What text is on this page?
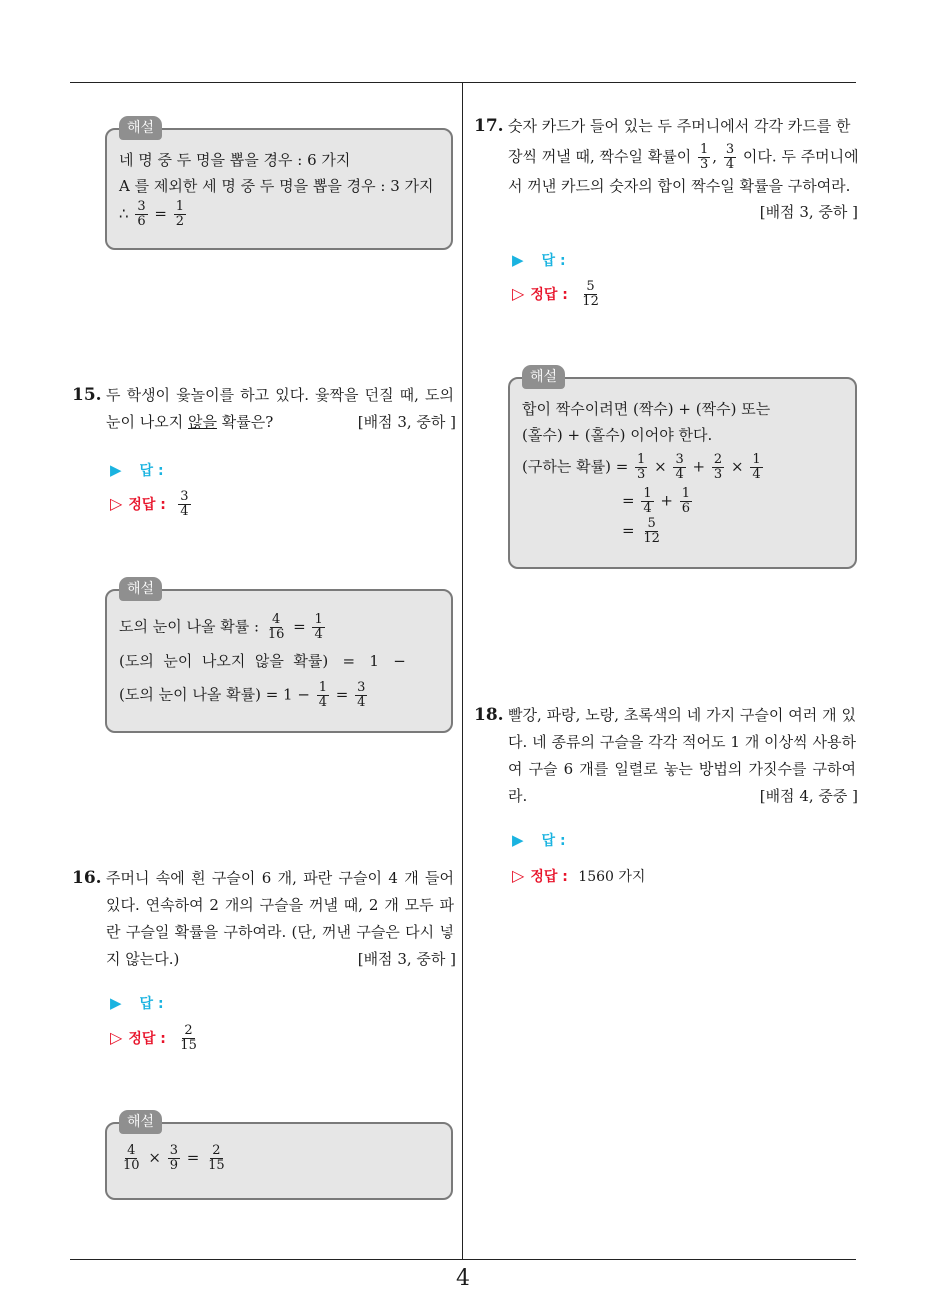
4
해설
네 명 중 두 명을 뽑을 경우 : 6 가지
A 를 제외한 세 명 중 두 명을 뽑을 경우 : 3 가지
∴ $\frac{3}{6} = \frac{1}{2}$
15. 두 학생이 윷놀이를 하고 있다. 윷짝을 던질 때, 도의 눈이 나오지 않을 확률은?	[배점 3, 중하 ]
▶ 답 :
▷ 정답 : $\frac{3}{4}$
해설
도의 눈이 나올 확률 : $\frac{4}{16} = \frac{1}{4}$
(도의  눈이  나오지  않을  확률)   =   1   −
(도의 눈이 나올 확률) = $1 - \frac{1}{4} = \frac{3}{4}$
16. 주머니 속에 흰 구슬이 6 개, 파란 구슬이 4 개 들어 있다. 연속하여 2 개의 구슬을 꺼낼 때, 2 개 모두 파란 구슬일 확률을 구하여라. (단, 꺼낸 구슬은 다시 넣지 않는다.)	[배점 3, 중하 ]
▶ 답 :
▷ 정답 : $\frac{2}{15}$
해설
$\frac{4}{10} \times \frac{3}{9} = \frac{2}{15}$
17. 숫자 카드가 들어 있는 두 주머니에서 각각 카드를 한
장씩 꺼낼 때, 짝수일 확률이 $\frac{1}{3}$ , $\frac{3}{4}$ 이다. 두 주머니에
서 꺼낸 카드의 숫자의 합이 짝수일 확률을 구하여라.
[배점 3, 중하 ]
▶ 답 :
▷ 정답 : $\frac{5}{12}$
해설
합이 짝수이려면 (짝수) + (짝수) 또는
(홀수) + (홀수) 이어야 한다.
(구하는 확률) = $\frac{1}{3} \times \frac{3}{4} + \frac{2}{3} \times \frac{1}{4}$
= $\frac{1}{4} + \frac{1}{6}$
= $\frac{5}{12}$
18. 빨강, 파랑, 노랑, 초록색의 네 가지 구슬이 여러 개 있다. 네 종류의 구슬을 각각 적어도 1 개 이상씩 사용하여 구슬 6 개를 일렬로 놓는 방법의 가짓수를 구하여라.	[배점 4, 중중 ]
▶ 답 :
▷ 정답 : 1560 가지
